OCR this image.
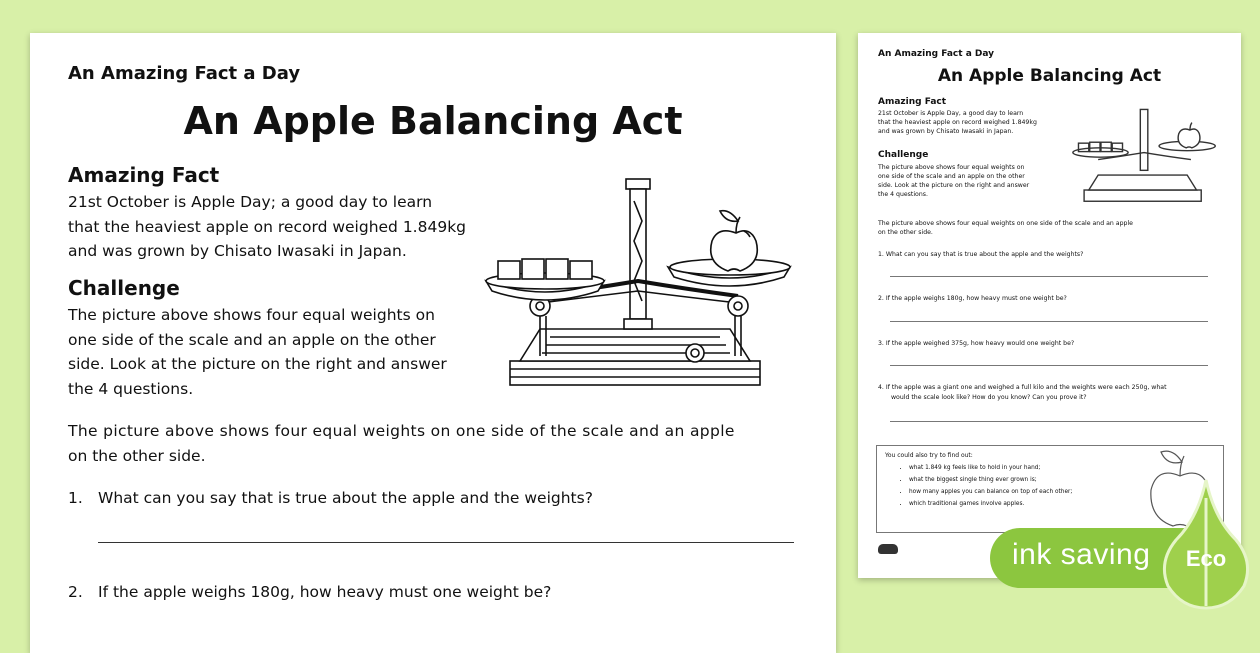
An Amazing Fact a Day
An Apple Balancing Act
Amazing Fact
21st October is Apple Day; a good day to learn
that the heaviest apple on record weighed 1.849kg
and was grown by Chisato Iwasaki in Japan.
Challenge
The picture above shows four equal weights on
one side of the scale and an apple on the other
side. Look at the picture on the right and answer
the 4 questions.
The picture above shows four equal weights on one side of the scale and an apple
on the other side.
1. What can you say that is true about the apple and the weights?
2. If the apple weighs 180g, how heavy must one weight be?
An Amazing Fact a Day
An Apple Balancing Act
Amazing Fact
21st October is Apple Day, a good day to learn
that the heaviest apple on record weighed 1.849kg
and was grown by Chisato Iwasaki in Japan.
Challenge
The picture above shows four equal weights on
one side of the scale and an apple on the other
side. Look at the picture on the right and answer
the 4 questions.
The picture above shows four equal weights on one side of the scale and an apple
on the other side.
1. What can you say that is true about the apple and the weights?
2. If the apple weighs 180g, how heavy must one weight be?
3. If the apple weighed 375g, how heavy would one weight be?
4. If the apple was a giant one and weighed a full kilo and the weights were each 250g, what
would the scale look like? How do you know? Can you prove it?
You could also try to find out:
• what 1.849 kg feels like to hold in your hand;
• what the biggest single thing ever grown is;
• how many apples you can balance on top of each other;
• which traditional games involve apples.
ink saving Eco
